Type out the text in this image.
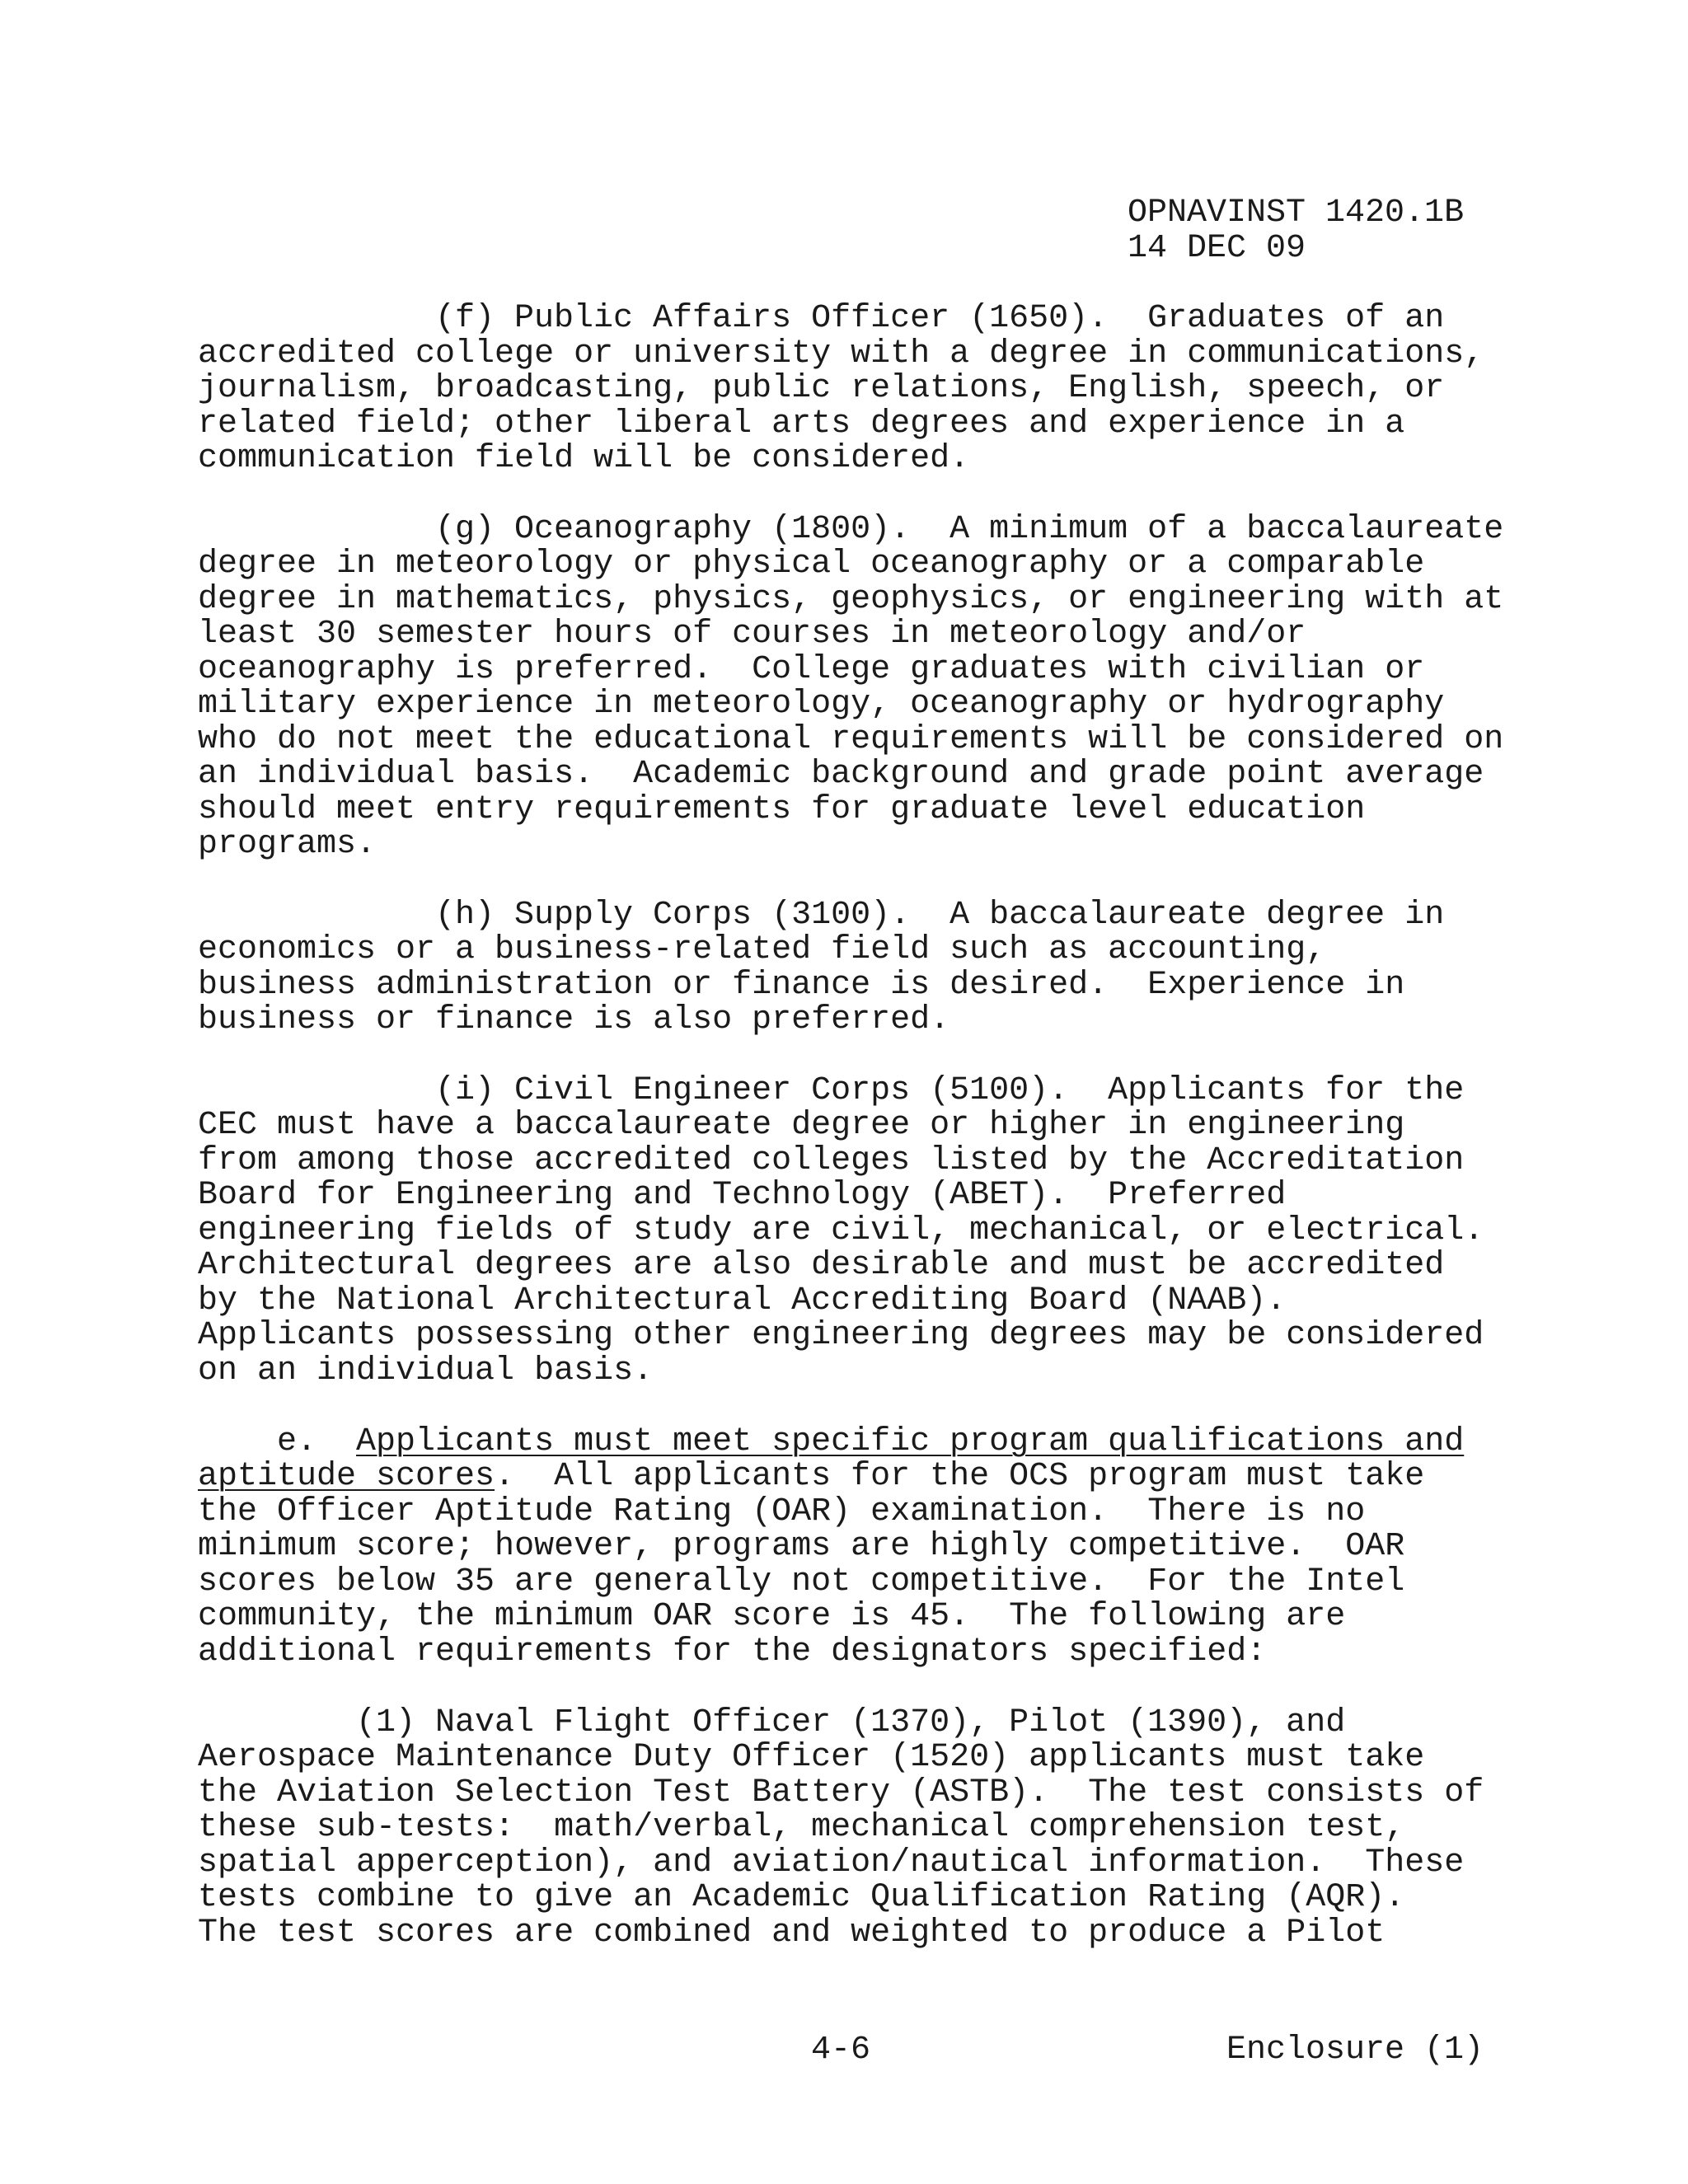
OPNAVINST 1420.1B
14 DEC 09
(f) Public Affairs Officer (1650).  Graduates of an
accredited college or university with a degree in communications,
journalism, broadcasting, public relations, English, speech, or
related field; other liberal arts degrees and experience in a
communication field will be considered.
(g) Oceanography (1800).  A minimum of a baccalaureate
degree in meteorology or physical oceanography or a comparable
degree in mathematics, physics, geophysics, or engineering with at
least 30 semester hours of courses in meteorology and/or
oceanography is preferred.  College graduates with civilian or
military experience in meteorology, oceanography or hydrography
who do not meet the educational requirements will be considered on
an individual basis.  Academic background and grade point average
should meet entry requirements for graduate level education
programs.
(h) Supply Corps (3100).  A baccalaureate degree in
economics or a business-related field such as accounting,
business administration or finance is desired.  Experience in
business or finance is also preferred.
(i) Civil Engineer Corps (5100).  Applicants for the
CEC must have a baccalaureate degree or higher in engineering
from among those accredited colleges listed by the Accreditation
Board for Engineering and Technology (ABET).  Preferred
engineering fields of study are civil, mechanical, or electrical.
Architectural degrees are also desirable and must be accredited
by the National Architectural Accrediting Board (NAAB).
Applicants possessing other engineering degrees may be considered
on an individual basis.
e. Applicants must meet specific program qualifications and
aptitude scores.  All applicants for the OCS program must take
the Officer Aptitude Rating (OAR) examination.  There is no
minimum score; however, programs are highly competitive.  OAR
scores below 35 are generally not competitive.  For the Intel
community, the minimum OAR score is 45.  The following are
additional requirements for the designators specified:
(1) Naval Flight Officer (1370), Pilot (1390), and
Aerospace Maintenance Duty Officer (1520) applicants must take
the Aviation Selection Test Battery (ASTB).  The test consists of
these sub-tests:  math/verbal, mechanical comprehension test,
spatial apperception), and aviation/nautical information.  These
tests combine to give an Academic Qualification Rating (AQR).
The test scores are combined and weighted to produce a Pilot
4-6	Enclosure (1)
